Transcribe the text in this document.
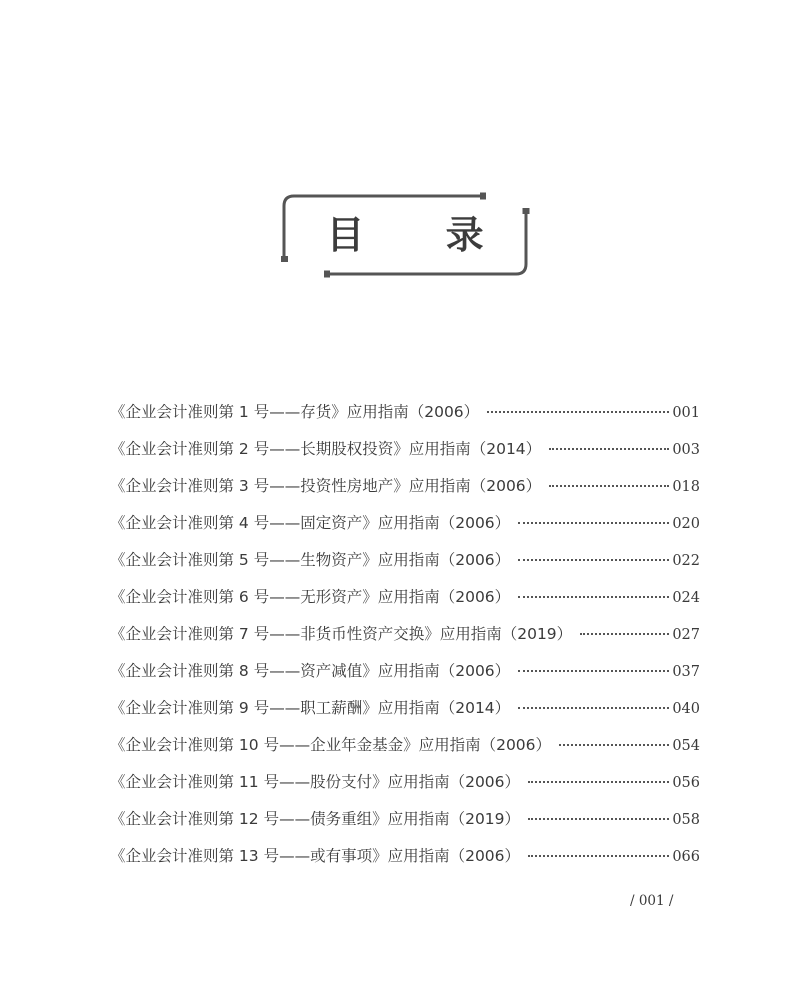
目 录
《企业会计准则第 1 号——存货》应用指南（2006）	001
《企业会计准则第 2 号——长期股权投资》应用指南（2014）	003
《企业会计准则第 3 号——投资性房地产》应用指南（2006）	018
《企业会计准则第 4 号——固定资产》应用指南（2006）	020
《企业会计准则第 5 号——生物资产》应用指南（2006）	022
《企业会计准则第 6 号——无形资产》应用指南（2006）	024
《企业会计准则第 7 号——非货币性资产交换》应用指南（2019）	027
《企业会计准则第 8 号——资产减值》应用指南（2006）	037
《企业会计准则第 9 号——职工薪酬》应用指南（2014）	040
《企业会计准则第 10 号——企业年金基金》应用指南（2006）	054
《企业会计准则第 11 号——股份支付》应用指南（2006）	056
《企业会计准则第 12 号——债务重组》应用指南（2019）	058
《企业会计准则第 13 号——或有事项》应用指南（2006）	066
/ 001 /
